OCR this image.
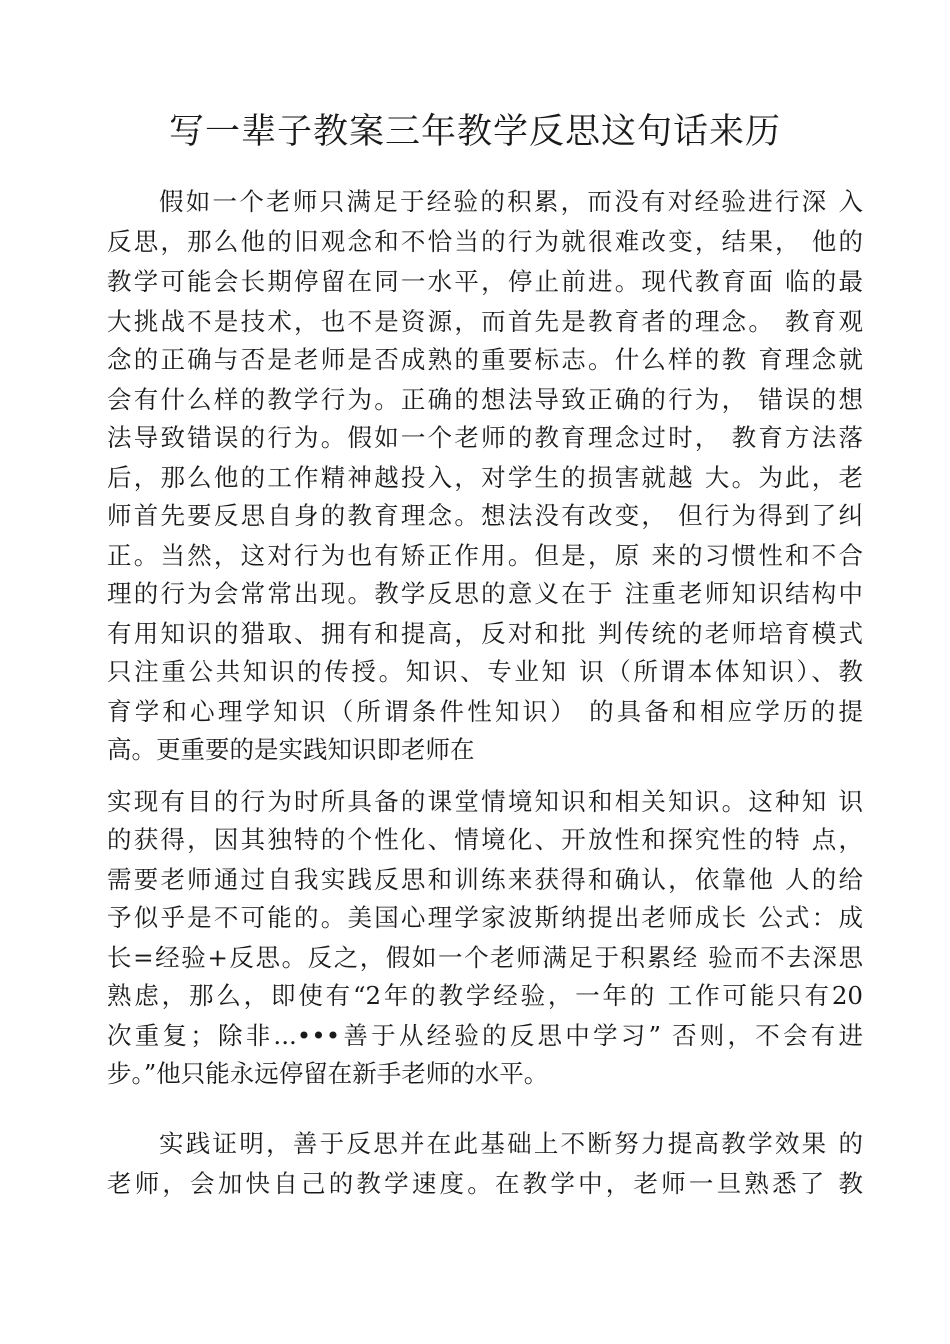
写一辈子教案三年教学反思这句话来历
假如一个老师只满足于经验的积累，而没有对经验进行深 入
反思，那么他的旧观念和不恰当的行为就很难改变，结果， 他的
教学可能会长期停留在同一水平，停止前进。现代教育面 临的最
大挑战不是技术，也不是资源，而首先是教育者的理念。 教育观
念的正确与否是老师是否成熟的重要标志。什么样的教 育理念就
会有什么样的教学行为。正确的想法导致正确的行为， 错误的想
法导致错误的行为。假如一个老师的教育理念过时， 教育方法落
后，那么他的工作精神越投入，对学生的损害就越 大。为此，老
师首先要反思自身的教育理念。想法没有改变， 但行为得到了纠
正。当然，这对行为也有矫正作用。但是，原 来的习惯性和不合
理的行为会常常出现。教学反思的意义在于 注重老师知识结构中
有用知识的猎取、拥有和提高，反对和批 判传统的老师培育模式
只注重公共知识的传授。知识、专业知 识（所谓本体知识）、教
育学和心理学知识（所谓条件性知识） 的具备和相应学历的提
高。更重要的是实践知识即老师在
实现有目的行为时所具备的课堂情境知识和相关知识。这种知 识
的获得，因其独特的个性化、情境化、开放性和探究性的特 点，
需要老师通过自我实践反思和训练来获得和确认，依靠他 人的给
予似乎是不可能的。美国心理学家波斯纳提出老师成长 公式：成
长=经验+反思。反之，假如一个老师满足于积累经 验而不去深思
熟虑，那么，即使有“2年的教学经验，一年的 工作可能只有20
次重复；除非...•••善于从经验的反思中学习” 否则，不会有进
步。”他只能永远停留在新手老师的水平。
实践证明，善于反思并在此基础上不断努力提高教学效果 的
老师，会加快自己的教学速度。在教学中，老师一旦熟悉了 教
